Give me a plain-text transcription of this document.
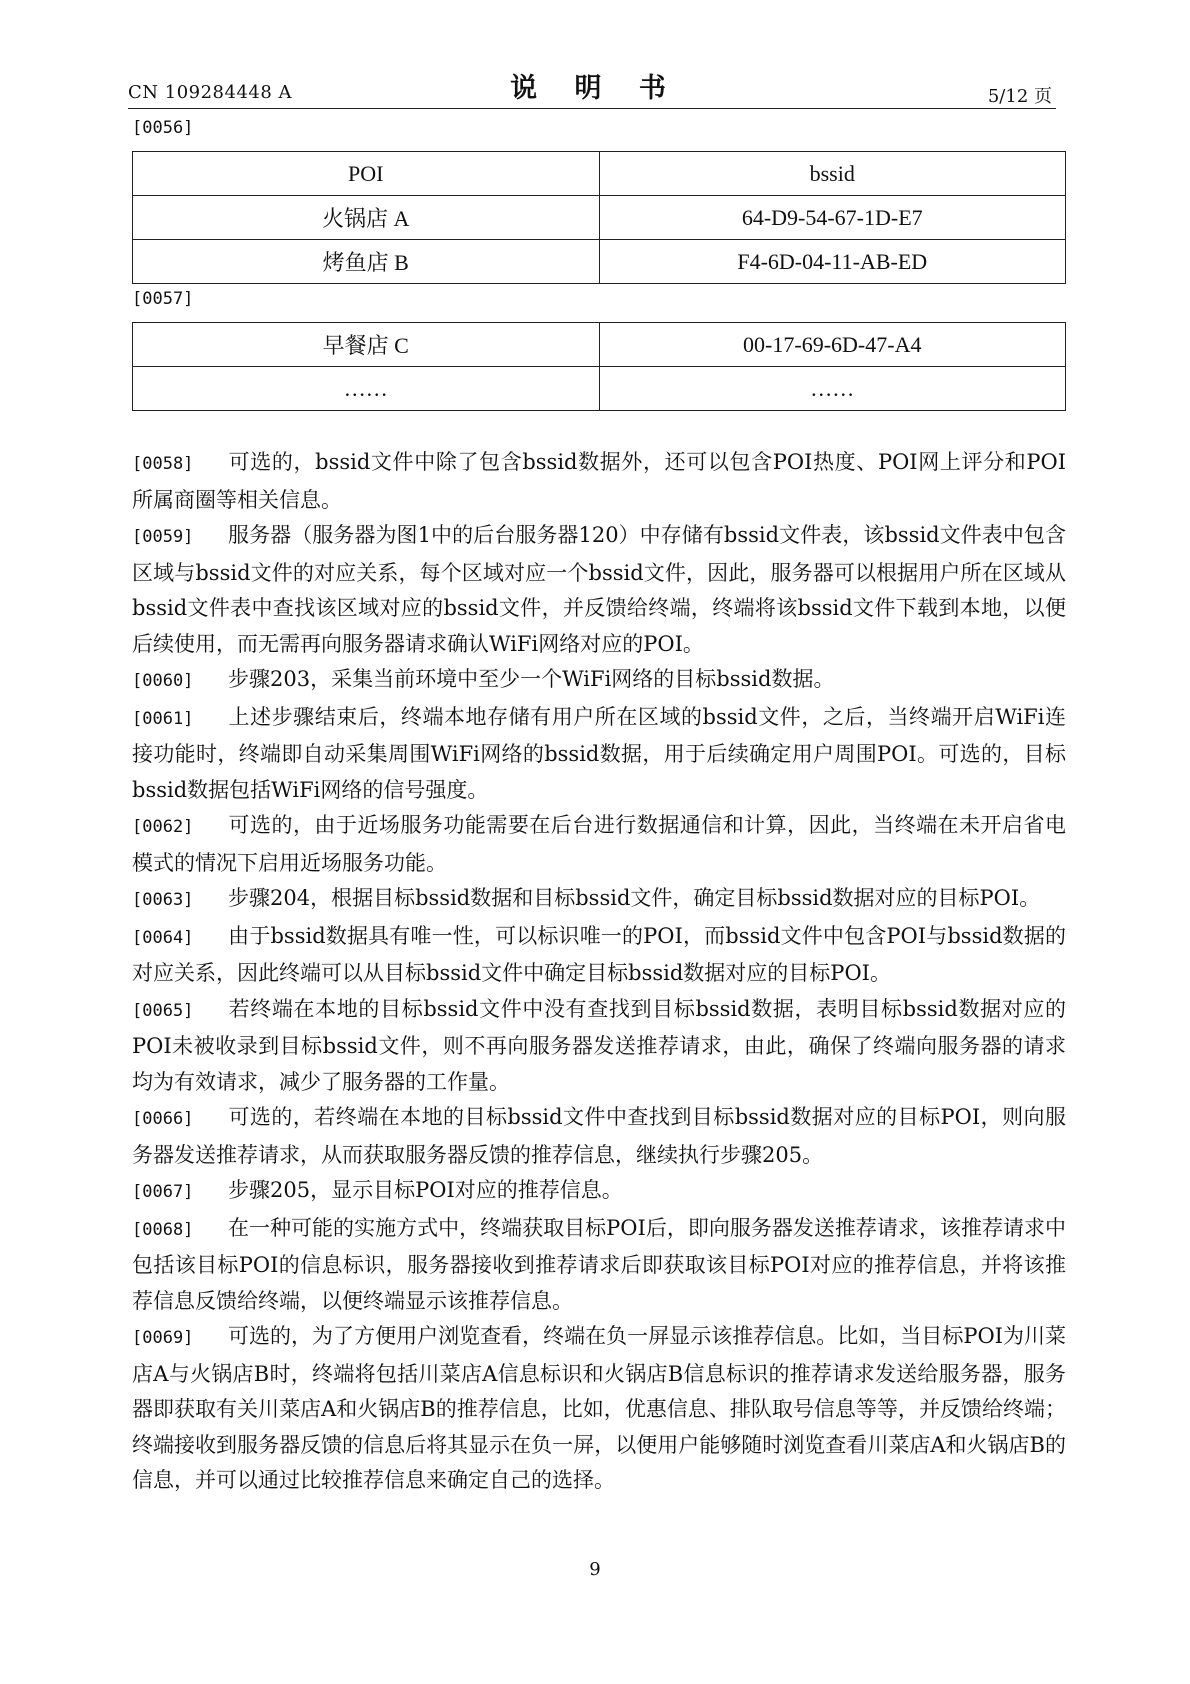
CN 109284448 A	说 明 书	5/12 页
[0056]
POI	bssid
火锅店 A	64-D9-54-67-1D-E7
烤鱼店 B	F4-6D-04-11-AB-ED
[0057]
早餐店 C	00-17-69-6D-47-A4
……	……

[0058] 可选的，bssid文件中除了包含bssid数据外，还可以包含POI热度、POI网上评分和POI所属商圈等相关信息。

[0059] 服务器（服务器为图1中的后台服务器120）中存储有bssid文件表，该bssid文件表中包含区域与bssid文件的对应关系，每个区域对应一个bssid文件，因此，服务器可以根据用户所在区域从bssid文件表中查找该区域对应的bssid文件，并反馈给终端，终端将该bssid文件下载到本地，以便后续使用，而无需再向服务器请求确认WiFi网络对应的POI。

[0060] 步骤203，采集当前环境中至少一个WiFi网络的目标bssid数据。

[0061] 上述步骤结束后，终端本地存储有用户所在区域的bssid文件，之后，当终端开启WiFi连接功能时，终端即自动采集周围WiFi网络的bssid数据，用于后续确定用户周围POI。可选的，目标bssid数据包括WiFi网络的信号强度。

[0062] 可选的，由于近场服务功能需要在后台进行数据通信和计算，因此，当终端在未开启省电模式的情况下启用近场服务功能。

[0063] 步骤204，根据目标bssid数据和目标bssid文件，确定目标bssid数据对应的目标POI。

[0064] 由于bssid数据具有唯一性，可以标识唯一的POI，而bssid文件中包含POI与bssid数据的对应关系，因此终端可以从目标bssid文件中确定目标bssid数据对应的目标POI。

[0065] 若终端在本地的目标bssid文件中没有查找到目标bssid数据，表明目标bssid数据对应的POI未被收录到目标bssid文件，则不再向服务器发送推荐请求，由此，确保了终端向服务器的请求均为有效请求，减少了服务器的工作量。

[0066] 可选的，若终端在本地的目标bssid文件中查找到目标bssid数据对应的目标POI，则向服务器发送推荐请求，从而获取服务器反馈的推荐信息，继续执行步骤205。

[0067] 步骤205，显示目标POI对应的推荐信息。

[0068] 在一种可能的实施方式中，终端获取目标POI后，即向服务器发送推荐请求，该推荐请求中包括该目标POI的信息标识，服务器接收到推荐请求后即获取该目标POI对应的推荐信息，并将该推荐信息反馈给终端，以便终端显示该推荐信息。

[0069] 可选的，为了方便用户浏览查看，终端在负一屏显示该推荐信息。比如，当目标POI为川菜店A与火锅店B时，终端将包括川菜店A信息标识和火锅店B信息标识的推荐请求发送给服务器，服务器即获取有关川菜店A和火锅店B的推荐信息，比如，优惠信息、排队取号信息等等，并反馈给终端；终端接收到服务器反馈的信息后将其显示在负一屏，以便用户能够随时浏览查看川菜店A和火锅店B的信息，并可以通过比较推荐信息来确定自己的选择。

9
